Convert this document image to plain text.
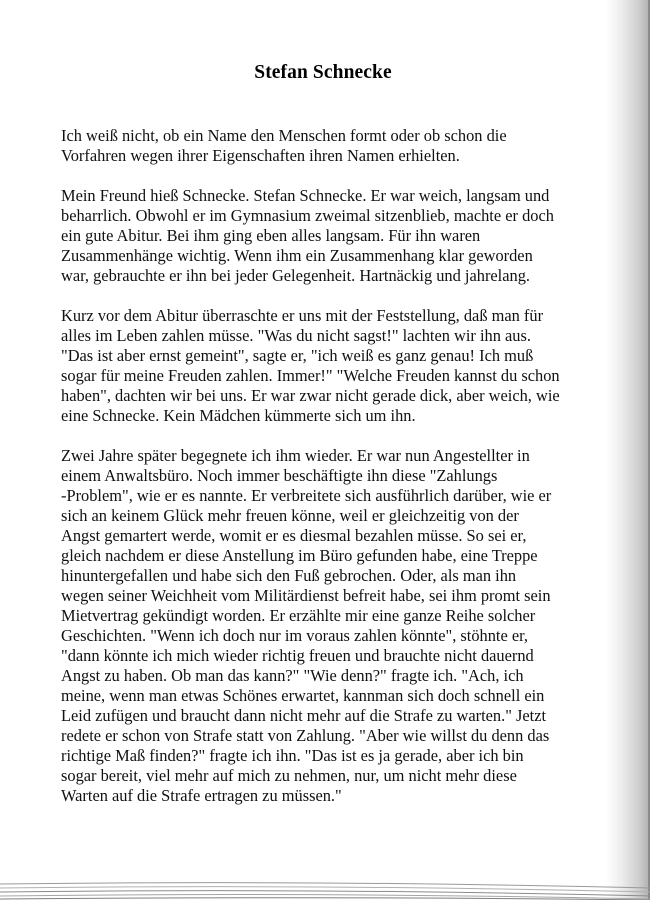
Stefan Schnecke
Ich weiß nicht, ob ein Name den Menschen formt oder ob schon die
Vorfahren wegen ihrer Eigenschaften ihren Namen erhielten.
Mein Freund hieß Schnecke. Stefan Schnecke. Er war weich, langsam und
beharrlich. Obwohl er im Gymnasium zweimal sitzenblieb, machte er doch
ein gute Abitur. Bei ihm ging eben alles langsam. Für ihn waren
Zusammenhänge wichtig. Wenn ihm ein Zusammenhang klar geworden
war, gebrauchte er ihn bei jeder Gelegenheit. Hartnäckig und jahrelang.
Kurz vor dem Abitur überraschte er uns mit der Feststellung, daß man für
alles im Leben zahlen müsse. "Was du nicht sagst!" lachten wir ihn aus.
"Das ist aber ernst gemeint", sagte er, "ich weiß es ganz genau! Ich muß
sogar für meine Freuden zahlen. Immer!" "Welche Freuden kannst du schon
haben", dachten wir bei uns. Er war zwar nicht gerade dick, aber weich, wie
eine Schnecke. Kein Mädchen kümmerte sich um ihn.
Zwei Jahre später begegnete ich ihm wieder. Er war nun Angestellter in
einem Anwaltsbüro. Noch immer beschäftigte ihn diese "Zahlungs
-Problem", wie er es nannte. Er verbreitete sich ausführlich darüber, wie er
sich an keinem Glück mehr freuen könne, weil er gleichzeitig von der
Angst gemartert werde, womit er es diesmal bezahlen müsse. So sei er,
gleich nachdem er diese Anstellung im Büro gefunden habe, eine Treppe
hinuntergefallen und habe sich den Fuß gebrochen. Oder, als man ihn
wegen seiner Weichheit vom Militärdienst befreit habe, sei ihm promt sein
Mietvertrag gekündigt worden. Er erzählte mir eine ganze Reihe solcher
Geschichten. "Wenn ich doch nur im voraus zahlen könnte", stöhnte er,
"dann könnte ich mich wieder richtig freuen und brauchte nicht dauernd
Angst zu haben. Ob man das kann?" "Wie denn?" fragte ich. "Ach, ich
meine, wenn man etwas Schönes erwartet, kannman sich doch schnell ein
Leid zufügen und braucht dann nicht mehr auf die Strafe zu warten." Jetzt
redete er schon von Strafe statt von Zahlung. "Aber wie willst du denn das
richtige Maß finden?" fragte ich ihn. "Das ist es ja gerade, aber ich bin
sogar bereit, viel mehr auf mich zu nehmen, nur, um nicht mehr diese
Warten auf die Strafe ertragen zu müssen."
